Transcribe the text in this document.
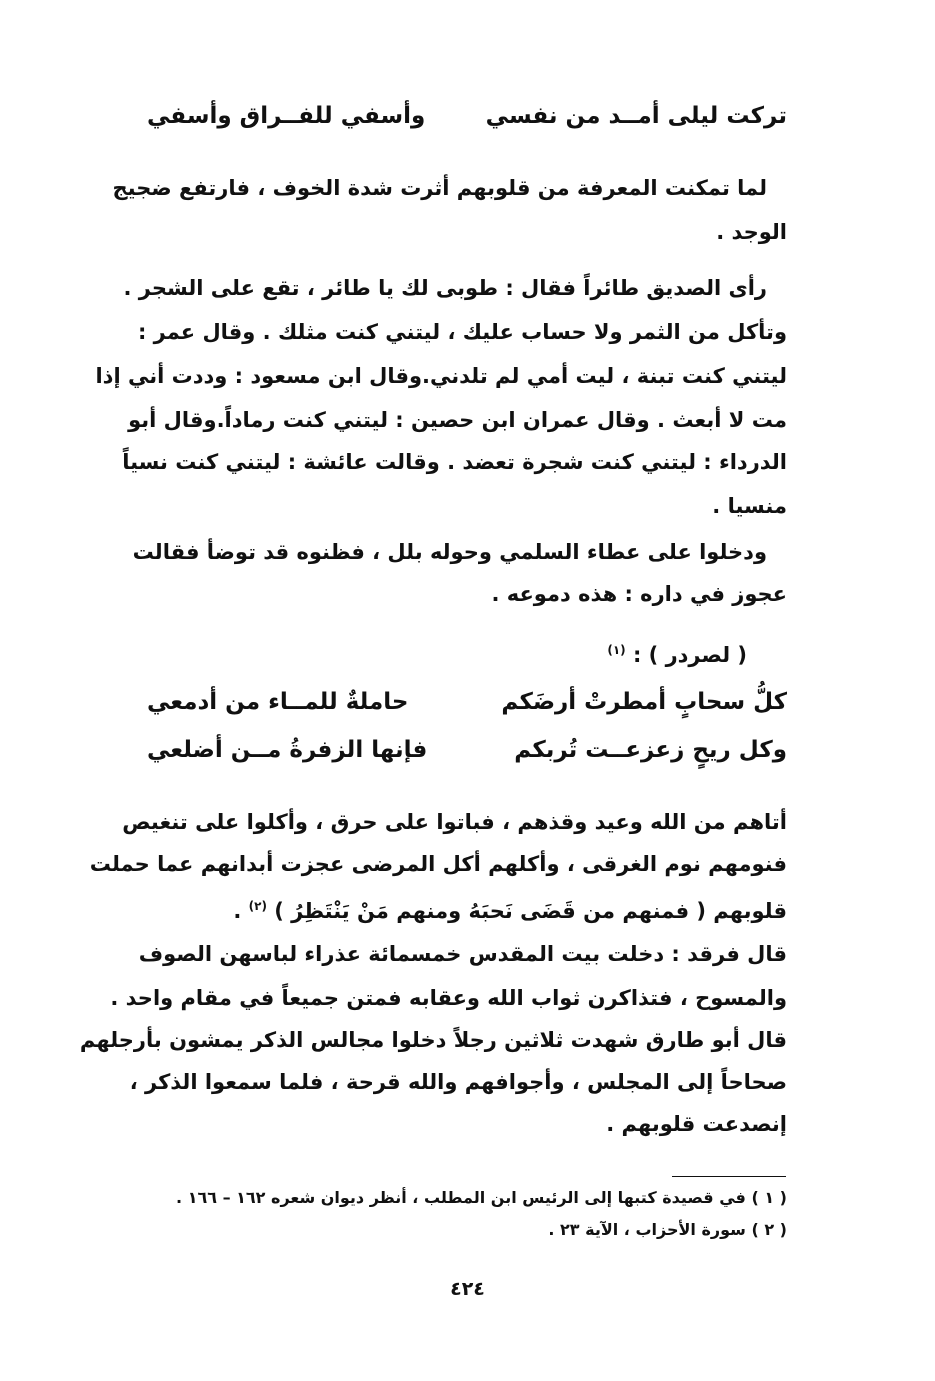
تركت ليلى أمــد من نفسي
وأسفي للفــراق وأسفي
لما تمكنت المعرفة من قلوبهم أثرت شدة الخوف ، فارتفع ضجيج
الوجد .
رأى الصديق طائراً فقال : طوبى لك يا طائر ، تقع على الشجر .
وتأكل من الثمر ولا حساب عليك ، ليتني كنت مثلك . وقال عمر :
ليتني كنت تبنة ، ليت أمي لم تلدني.وقال ابن مسعود : وددت أني إذا
مت لا أبعث . وقال عمران ابن حصين : ليتني كنت رماداً.وقال أبو
الدرداء : ليتني كنت شجرة تعضد . وقالت عائشة : ليتني كنت نسياً
منسيا .
ودخلوا على عطاء السلمي وحوله بلل ، فظنوه قد توضأ فقالت
عجوز في داره : هذه دموعه .
( لصردر ) : $^{(١)}$
كلُّ سحابٍ أمطرتْ أرضَكم
حاملةٌ للمــاء من أدمعي
وكل ريحٍ زعزعــت تُربكم
فإنها الزفرةُ مــن أضلعي
أتاهم من الله وعيد وقذهم ، فباتوا على حرق ، وأكلوا على تنغيص
فنومهم نوم الغرقى ، وأكلهم أكل المرضى عجزت أبدانهم عما حملت
قلوبهم ( فمنهم من قَضَى نَحبَهُ ومنهم مَنْ يَنْتَظِرُ ) $^{(٢)}$ .
قال فرقد : دخلت بيت المقدس خمسمائة عذراء لباسهن الصوف
والمسوح ، فتذاكرن ثواب الله وعقابه فمتن جميعاً في مقام واحد .
قال أبو طارق شهدت ثلاثين رجلاً دخلوا مجالس الذكر يمشون بأرجلهم
صحاحاً إلى المجلس ، وأجوافهم والله قرحة ، فلما سمعوا الذكر ،
إنصدعت قلوبهم .
( ١ ) في قصيدة كتبها إلى الرئيس ابن المطلب ، أنظر ديوان شعره ١٦٢ – ١٦٦ .
( ٢ ) سورة الأحزاب ، الآية ٢٣ .
٤٢٤
